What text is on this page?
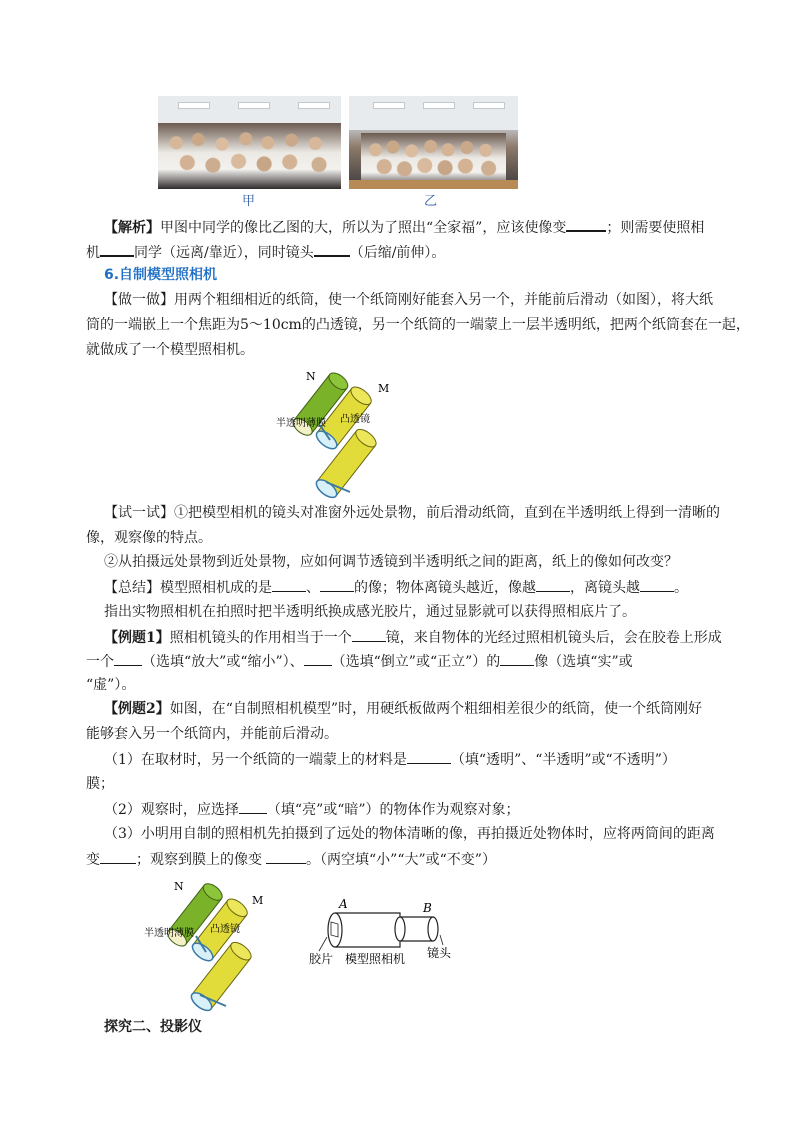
甲	乙
【解析】甲图中同学的像比乙图的大，所以为了照出“全家福”，应该使像变	；则需要使照相
机 同学（远离/靠近），同时镜头	（后缩/前伸）。
6.自制模型照相机
【做一做】用两个粗细相近的纸筒，使一个纸筒刚好能套入另一个，并能前后滑动（如图），将大纸
筒的一端嵌上一个焦距为5～10cm的凸透镜，另一个纸筒的一端蒙上一层半透明纸，把两个纸筒套在一起，
就做成了一个模型照相机。
N
M
半透明薄膜 凸透镜
【试一试】①把模型相机的镜头对准窗外远处景物，前后滑动纸筒，直到在半透明纸上得到一清晰的
像，观察像的特点。
②从拍摄远处景物到近处景物，应如何调节透镜到半透明纸之间的距离，纸上的像如何改变？
【总结】模型照相机成的是 、 的像；物体离镜头越近，像越 ，离镜头越 。
指出实物照相机在拍照时把半透明纸换成感光胶片，通过显影就可以获得照相底片了。
【例题1】照相机镜头的作用相当于一个 镜，来自物体的光经过照相机镜头后，会在胶卷上形成
一个 （选填“放大”或“缩小”）、 （选填“倒立”或“正立”）的 像（选填“实”或
“虚”）。
【例题2】如图，在“自制照相机模型”时，用硬纸板做两个粗细相差很少的纸筒，使一个纸筒刚好
能够套入另一个纸筒内，并能前后滑动。
（1）在取材时，另一个纸筒的一端蒙上的材料是	（填“透明”、“半透明”或“不透明”）
膜；
（2）观察时，应选择 （填“亮”或“暗”）的物体作为观察对象；
（3）小明用自制的照相机先拍摄到了远处的物体清晰的像，再拍摄近处物体时，应将两筒间的距离
变	；观察到膜上的像变	。（两空填“小”“大”或“不变”）
N
M
半透明薄膜 凸透镜
A	B
胶片 模型照相机 镜头
探究二、投影仪
